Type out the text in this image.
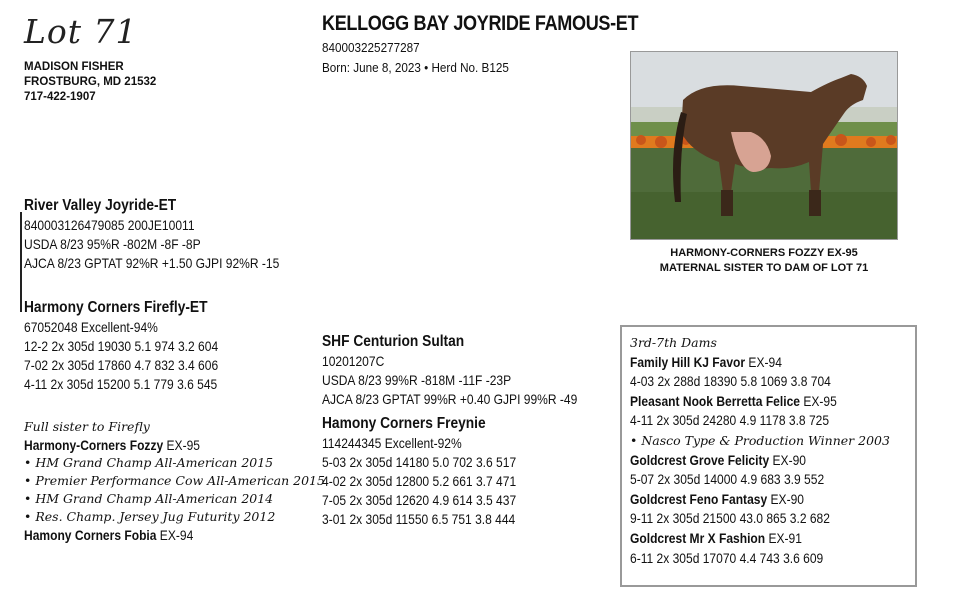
Lot 71
MADISON FISHER
FROSTBURG, MD 21532
717-422-1907
KELLOGG BAY JOYRIDE FAMOUS-ET
840003225277287
Born: June 8, 2023 • Herd No. B125
HARMONY-CORNERS FOZZY EX-95
MATERNAL SISTER TO DAM OF LOT 71
River Valley Joyride-ET
840003126479085 200JE10011
USDA 8/23 95%R -802M -8F -8P
AJCA 8/23 GPTAT 92%R +1.50 GJPI 92%R -15
Harmony Corners Firefly-ET
67052048 Excellent-94%
12-2 2x 305d 19030 5.1 974 3.2 604
7-02 2x 305d 17860 4.7 832 3.4 606
4-11 2x 305d 15200 5.1 779 3.6 545
Full sister to Firefly
Harmony-Corners Fozzy EX-95
• HM Grand Champ All-American 2015
• Premier Performance Cow All-American 2015
• HM Grand Champ All-American 2014
• Res. Champ. Jersey Jug Futurity 2012
Hamony Corners Fobia EX-94
SHF Centurion Sultan
10201207C
USDA 8/23 99%R -818M -11F -23P
AJCA 8/23 GPTAT 99%R +0.40 GJPI 99%R -49
Hamony Corners Freynie
114244345 Excellent-92%
5-03 2x 305d 14180 5.0 702 3.6 517
4-02 2x 305d 12800 5.2 661 3.7 471
7-05 2x 305d 12620 4.9 614 3.5 437
3-01 2x 305d 11550 6.5 751 3.8 444
3rd-7th Dams
Family Hill KJ Favor EX-94
4-03 2x 288d 18390 5.8 1069 3.8 704
Pleasant Nook Berretta Felice EX-95
4-11 2x 305d 24280 4.9 1178 3.8 725
• Nasco Type & Production Winner 2003
Goldcrest Grove Felicity EX-90
5-07 2x 305d 14000 4.9 683 3.9 552
Goldcrest Feno Fantasy EX-90
9-11 2x 305d 21500 43.0 865 3.2 682
Goldcrest Mr X Fashion EX-91
6-11 2x 305d 17070 4.4 743 3.6 609
